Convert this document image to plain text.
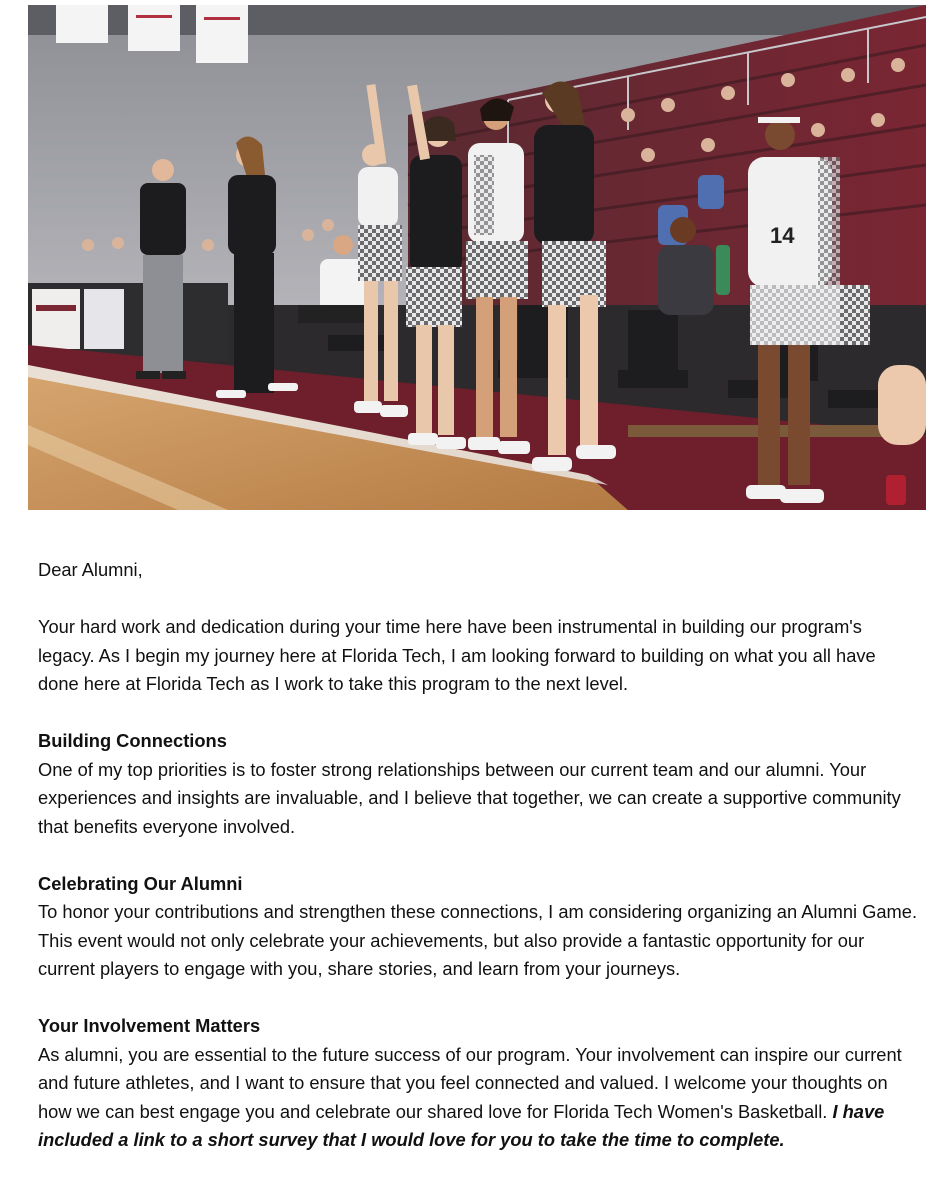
14

Dear Alumni,

Your hard work and dedication during your time here have been instrumental in building our program's legacy. As I begin my journey here at Florida Tech, I am looking forward to building on what you all have done here at Florida Tech as I work to take this program to the next level.

Building Connections
One of my top priorities is to foster strong relationships between our current team and our alumni. Your experiences and insights are invaluable, and I believe that together, we can create a supportive community that benefits everyone involved.

Celebrating Our Alumni
To honor your contributions and strengthen these connections, I am considering organizing an Alumni Game. This event would not only celebrate your achievements, but also provide a fantastic opportunity for our current players to engage with you, share stories, and learn from your journeys.

Your Involvement Matters
As alumni, you are essential to the future success of our program. Your involvement can inspire our current and future athletes, and I want to ensure that you feel connected and valued. I welcome your thoughts on how we can best engage you and celebrate our shared love for Florida Tech Women's Basketball. I have included a link to a short survey that I would love for you to take the time to complete.
